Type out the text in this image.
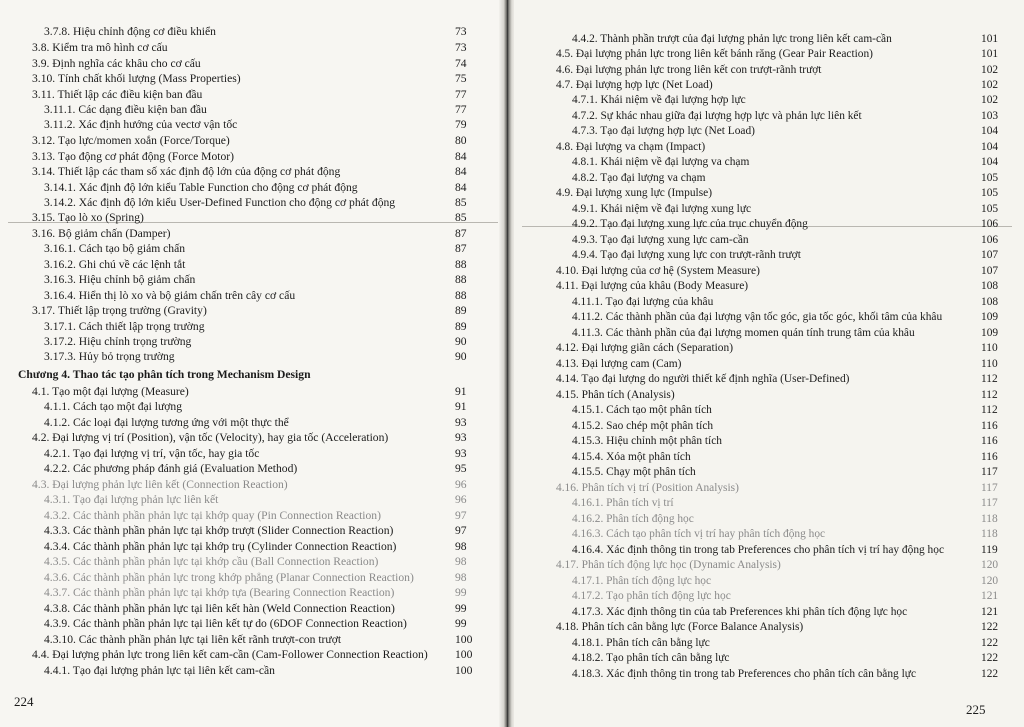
3.7.8. Hiệu chỉnh động cơ điều khiển	73
3.8. Kiểm tra mô hình cơ cấu	73
3.9. Định nghĩa các khâu cho cơ cấu	74
3.10. Tính chất khối lượng (Mass Properties)	75
3.11. Thiết lập các điều kiện ban đầu	77
3.11.1. Các dạng điều kiện ban đầu	77
3.11.2. Xác định hướng của vectơ vận tốc	79
3.12. Tạo lực/momen xoắn (Force/Torque)	80
3.13. Tạo động cơ phát động (Force Motor)	84
3.14. Thiết lập các tham số xác định độ lớn của động cơ phát động	84
3.14.1. Xác định độ lớn kiểu Table Function cho động cơ phát động	84
3.14.2. Xác định độ lớn kiểu User-Defined Function cho động cơ phát động	85
3.15. Tạo lò xo (Spring)	85
3.16. Bộ giảm chấn (Damper)	87
3.16.1. Cách tạo bộ giảm chấn	87
3.16.2. Ghi chú về các lệnh tắt	88
3.16.3. Hiệu chỉnh bộ giảm chấn	88
3.16.4. Hiển thị lò xo và bộ giảm chấn trên cây cơ cấu	88
3.17. Thiết lập trọng trường (Gravity)	89
3.17.1. Cách thiết lập trọng trường	89
3.17.2. Hiệu chỉnh trọng trường	90
3.17.3. Hủy bỏ trọng trường	90
Chương 4. Thao tác tạo phân tích trong Mechanism Design
4.1. Tạo một đại lượng (Measure)	91
4.1.1. Cách tạo một đại lượng	91
4.1.2. Các loại đại lượng tương ứng với một thực thể	93
4.2. Đại lượng vị trí (Position), vận tốc (Velocity), hay gia tốc (Acceleration)	93
4.2.1. Tạo đại lượng vị trí, vận tốc, hay gia tốc	93
4.2.2. Các phương pháp đánh giá (Evaluation Method)	95
4.3. Đại lượng phản lực liên kết (Connection Reaction)	96
4.3.1. Tạo đại lượng phản lực liên kết	96
4.3.2. Các thành phần phản lực tại khớp quay (Pin Connection Reaction)	97
4.3.3. Các thành phần phản lực tại khớp trượt (Slider Connection Reaction)	97
4.3.4. Các thành phần phản lực tại khớp trụ (Cylinder Connection Reaction)	98
4.3.5. Các thành phần phản lực tại khớp cầu (Ball Connection Reaction)	98
4.3.6. Các thành phần phản lực trong khớp phẳng (Planar Connection Reaction)	98
4.3.7. Các thành phần phản lực tại khớp tựa (Bearing Connection Reaction)	99
4.3.8. Các thành phần phản lực tại liên kết hàn (Weld Connection Reaction)	99
4.3.9. Các thành phần phản lực tại liên kết tự do (6DOF Connection Reaction)	99
4.3.10. Các thành phần phản lực tại liên kết rãnh trượt-con trượt	100
4.4. Đại lượng phản lực trong liên kết cam-cần (Cam-Follower Connection Reaction) 100
4.4.1. Tạo đại lượng phản lực tại liên kết cam-cần	100
224
4.4.2. Thành phần trượt của đại lượng phản lực trong liên kết cam-cần	101
4.5. Đại lượng phản lực trong liên kết bánh răng (Gear Pair Reaction)	101
4.6. Đại lượng phản lực trong liên kết con trượt-rãnh trượt	102
4.7. Đại lượng hợp lực (Net Load)	102
4.7.1. Khái niệm về đại lượng hợp lực	102
4.7.2. Sự khác nhau giữa đại lượng hợp lực và phản lực liên kết	103
4.7.3. Tạo đại lượng hợp lực (Net Load)	104
4.8. Đại lượng va chạm (Impact)	104
4.8.1. Khái niệm về đại lượng va chạm	104
4.8.2. Tạo đại lượng va chạm	105
4.9. Đại lượng xung lực (Impulse)	105
4.9.1. Khái niệm về đại lượng xung lực	105
4.9.2. Tạo đại lượng xung lực của trục chuyển động	106
4.9.3. Tạo đại lượng xung lực cam-cần	106
4.9.4. Tạo đại lượng xung lực con trượt-rãnh trượt	107
4.10. Đại lượng của cơ hệ (System Measure)	107
4.11. Đại lượng của khâu (Body Measure)	108
4.11.1. Tạo đại lượng của khâu	108
4.11.2. Các thành phần của đại lượng vận tốc góc, gia tốc góc, khối tâm của khâu	109
4.11.3. Các thành phần của đại lượng momen quán tính trung tâm của khâu	109
4.12. Đại lượng giãn cách (Separation)	110
4.13. Đại lượng cam (Cam)	110
4.14. Tạo đại lượng do người thiết kế định nghĩa (User-Defined)	112
4.15. Phân tích (Analysis)	112
4.15.1. Cách tạo một phân tích	112
4.15.2. Sao chép một phân tích	116
4.15.3. Hiệu chỉnh một phân tích	116
4.15.4. Xóa một phân tích	116
4.15.5. Chạy một phân tích	117
4.16. Phân tích vị trí (Position Analysis)	117
4.16.1. Phân tích vị trí	117
4.16.2. Phân tích động học	118
4.16.3. Cách tạo phân tích vị trí hay phân tích động học	118
4.16.4. Xác định thông tin trong tab Preferences cho phân tích vị trí hay động học	119
4.17. Phân tích động lực học (Dynamic Analysis)	120
4.17.1. Phân tích động lực học	120
4.17.2. Tạo phân tích động lực học	121
4.17.3. Xác định thông tin của tab Preferences khi phân tích động lực học	121
4.18. Phân tích cân bằng lực (Force Balance Analysis)	122
4.18.1. Phân tích cân bằng lực	122
4.18.2. Tạo phân tích cân bằng lực	122
4.18.3. Xác định thông tin trong tab Preferences cho phân tích cân bằng lực	122
225
